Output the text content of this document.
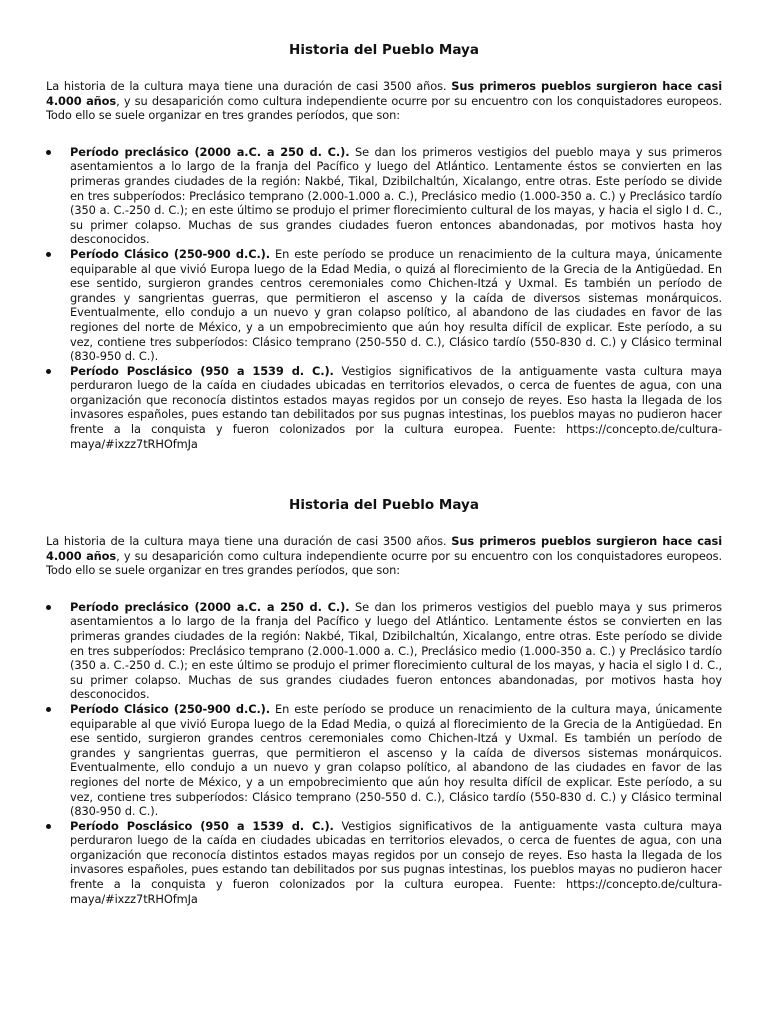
Historia del Pueblo Maya

La historia de la cultura maya tiene una duración de casi 3500 años. Sus primeros pueblos surgieron hace casi 4.000 años, y su desaparición como cultura independiente ocurre por su encuentro con los conquistadores europeos. Todo ello se suele organizar en tres grandes períodos, que son:

Período preclásico (2000 a.C. a 250 d. C.). Se dan los primeros vestigios del pueblo maya y sus primeros asentamientos a lo largo de la franja del Pacífico y luego del Atlántico. Lentamente éstos se convierten en las primeras grandes ciudades de la región: Nakbé, Tikal, Dzibilchaltún, Xicalango, entre otras. Este período se divide en tres subperíodos: Preclásico temprano (2.000-1.000 a. C.), Preclásico medio (1.000-350 a. C.) y Preclásico tardío (350 a. C.-250 d. C.); en este último se produjo el primer florecimiento cultural de los mayas, y hacia el siglo I d. C., su primer colapso. Muchas de sus grandes ciudades fueron entonces abandonadas, por motivos hasta hoy desconocidos.
Período Clásico (250-900 d.C.). En este período se produce un renacimiento de la cultura maya, únicamente equiparable al que vivió Europa luego de la Edad Media, o quizá al florecimiento de la Grecia de la Antigüedad. En ese sentido, surgieron grandes centros ceremoniales como Chichen-Itzá y Uxmal. Es también un período de grandes y sangrientas guerras, que permitieron el ascenso y la caída de diversos sistemas monárquicos. Eventualmente, ello condujo a un nuevo y gran colapso político, al abandono de las ciudades en favor de las regiones del norte de México, y a un empobrecimiento que aún hoy resulta difícil de explicar. Este período, a su vez, contiene tres subperíodos: Clásico temprano (250-550 d. C.), Clásico tardío (550-830 d. C.) y Clásico terminal (830-950 d. C.).
Período Posclásico (950 a 1539 d. C.). Vestigios significativos de la antiguamente vasta cultura maya perduraron luego de la caída en ciudades ubicadas en territorios elevados, o cerca de fuentes de agua, con una organización que reconocía distintos estados mayas regidos por un consejo de reyes. Eso hasta la llegada de los invasores españoles, pues estando tan debilitados por sus pugnas intestinas, los pueblos mayas no pudieron hacer frente a la conquista y fueron colonizados por la cultura europea. Fuente: https://concepto.de/cultura-maya/#ixzz7tRHOfmJa
Historia del Pueblo Maya

La historia de la cultura maya tiene una duración de casi 3500 años. Sus primeros pueblos surgieron hace casi 4.000 años, y su desaparición como cultura independiente ocurre por su encuentro con los conquistadores europeos. Todo ello se suele organizar en tres grandes períodos, que son:

Período preclásico (2000 a.C. a 250 d. C.). Se dan los primeros vestigios del pueblo maya y sus primeros asentamientos a lo largo de la franja del Pacífico y luego del Atlántico. Lentamente éstos se convierten en las primeras grandes ciudades de la región: Nakbé, Tikal, Dzibilchaltún, Xicalango, entre otras. Este período se divide en tres subperíodos: Preclásico temprano (2.000-1.000 a. C.), Preclásico medio (1.000-350 a. C.) y Preclásico tardío (350 a. C.-250 d. C.); en este último se produjo el primer florecimiento cultural de los mayas, y hacia el siglo I d. C., su primer colapso. Muchas de sus grandes ciudades fueron entonces abandonadas, por motivos hasta hoy desconocidos.
Período Clásico (250-900 d.C.). En este período se produce un renacimiento de la cultura maya, únicamente equiparable al que vivió Europa luego de la Edad Media, o quizá al florecimiento de la Grecia de la Antigüedad. En ese sentido, surgieron grandes centros ceremoniales como Chichen-Itzá y Uxmal. Es también un período de grandes y sangrientas guerras, que permitieron el ascenso y la caída de diversos sistemas monárquicos. Eventualmente, ello condujo a un nuevo y gran colapso político, al abandono de las ciudades en favor de las regiones del norte de México, y a un empobrecimiento que aún hoy resulta difícil de explicar. Este período, a su vez, contiene tres subperíodos: Clásico temprano (250-550 d. C.), Clásico tardío (550-830 d. C.) y Clásico terminal (830-950 d. C.).
Período Posclásico (950 a 1539 d. C.). Vestigios significativos de la antiguamente vasta cultura maya perduraron luego de la caída en ciudades ubicadas en territorios elevados, o cerca de fuentes de agua, con una organización que reconocía distintos estados mayas regidos por un consejo de reyes. Eso hasta la llegada de los invasores españoles, pues estando tan debilitados por sus pugnas intestinas, los pueblos mayas no pudieron hacer frente a la conquista y fueron colonizados por la cultura europea. Fuente: https://concepto.de/cultura-maya/#ixzz7tRHOfmJa
